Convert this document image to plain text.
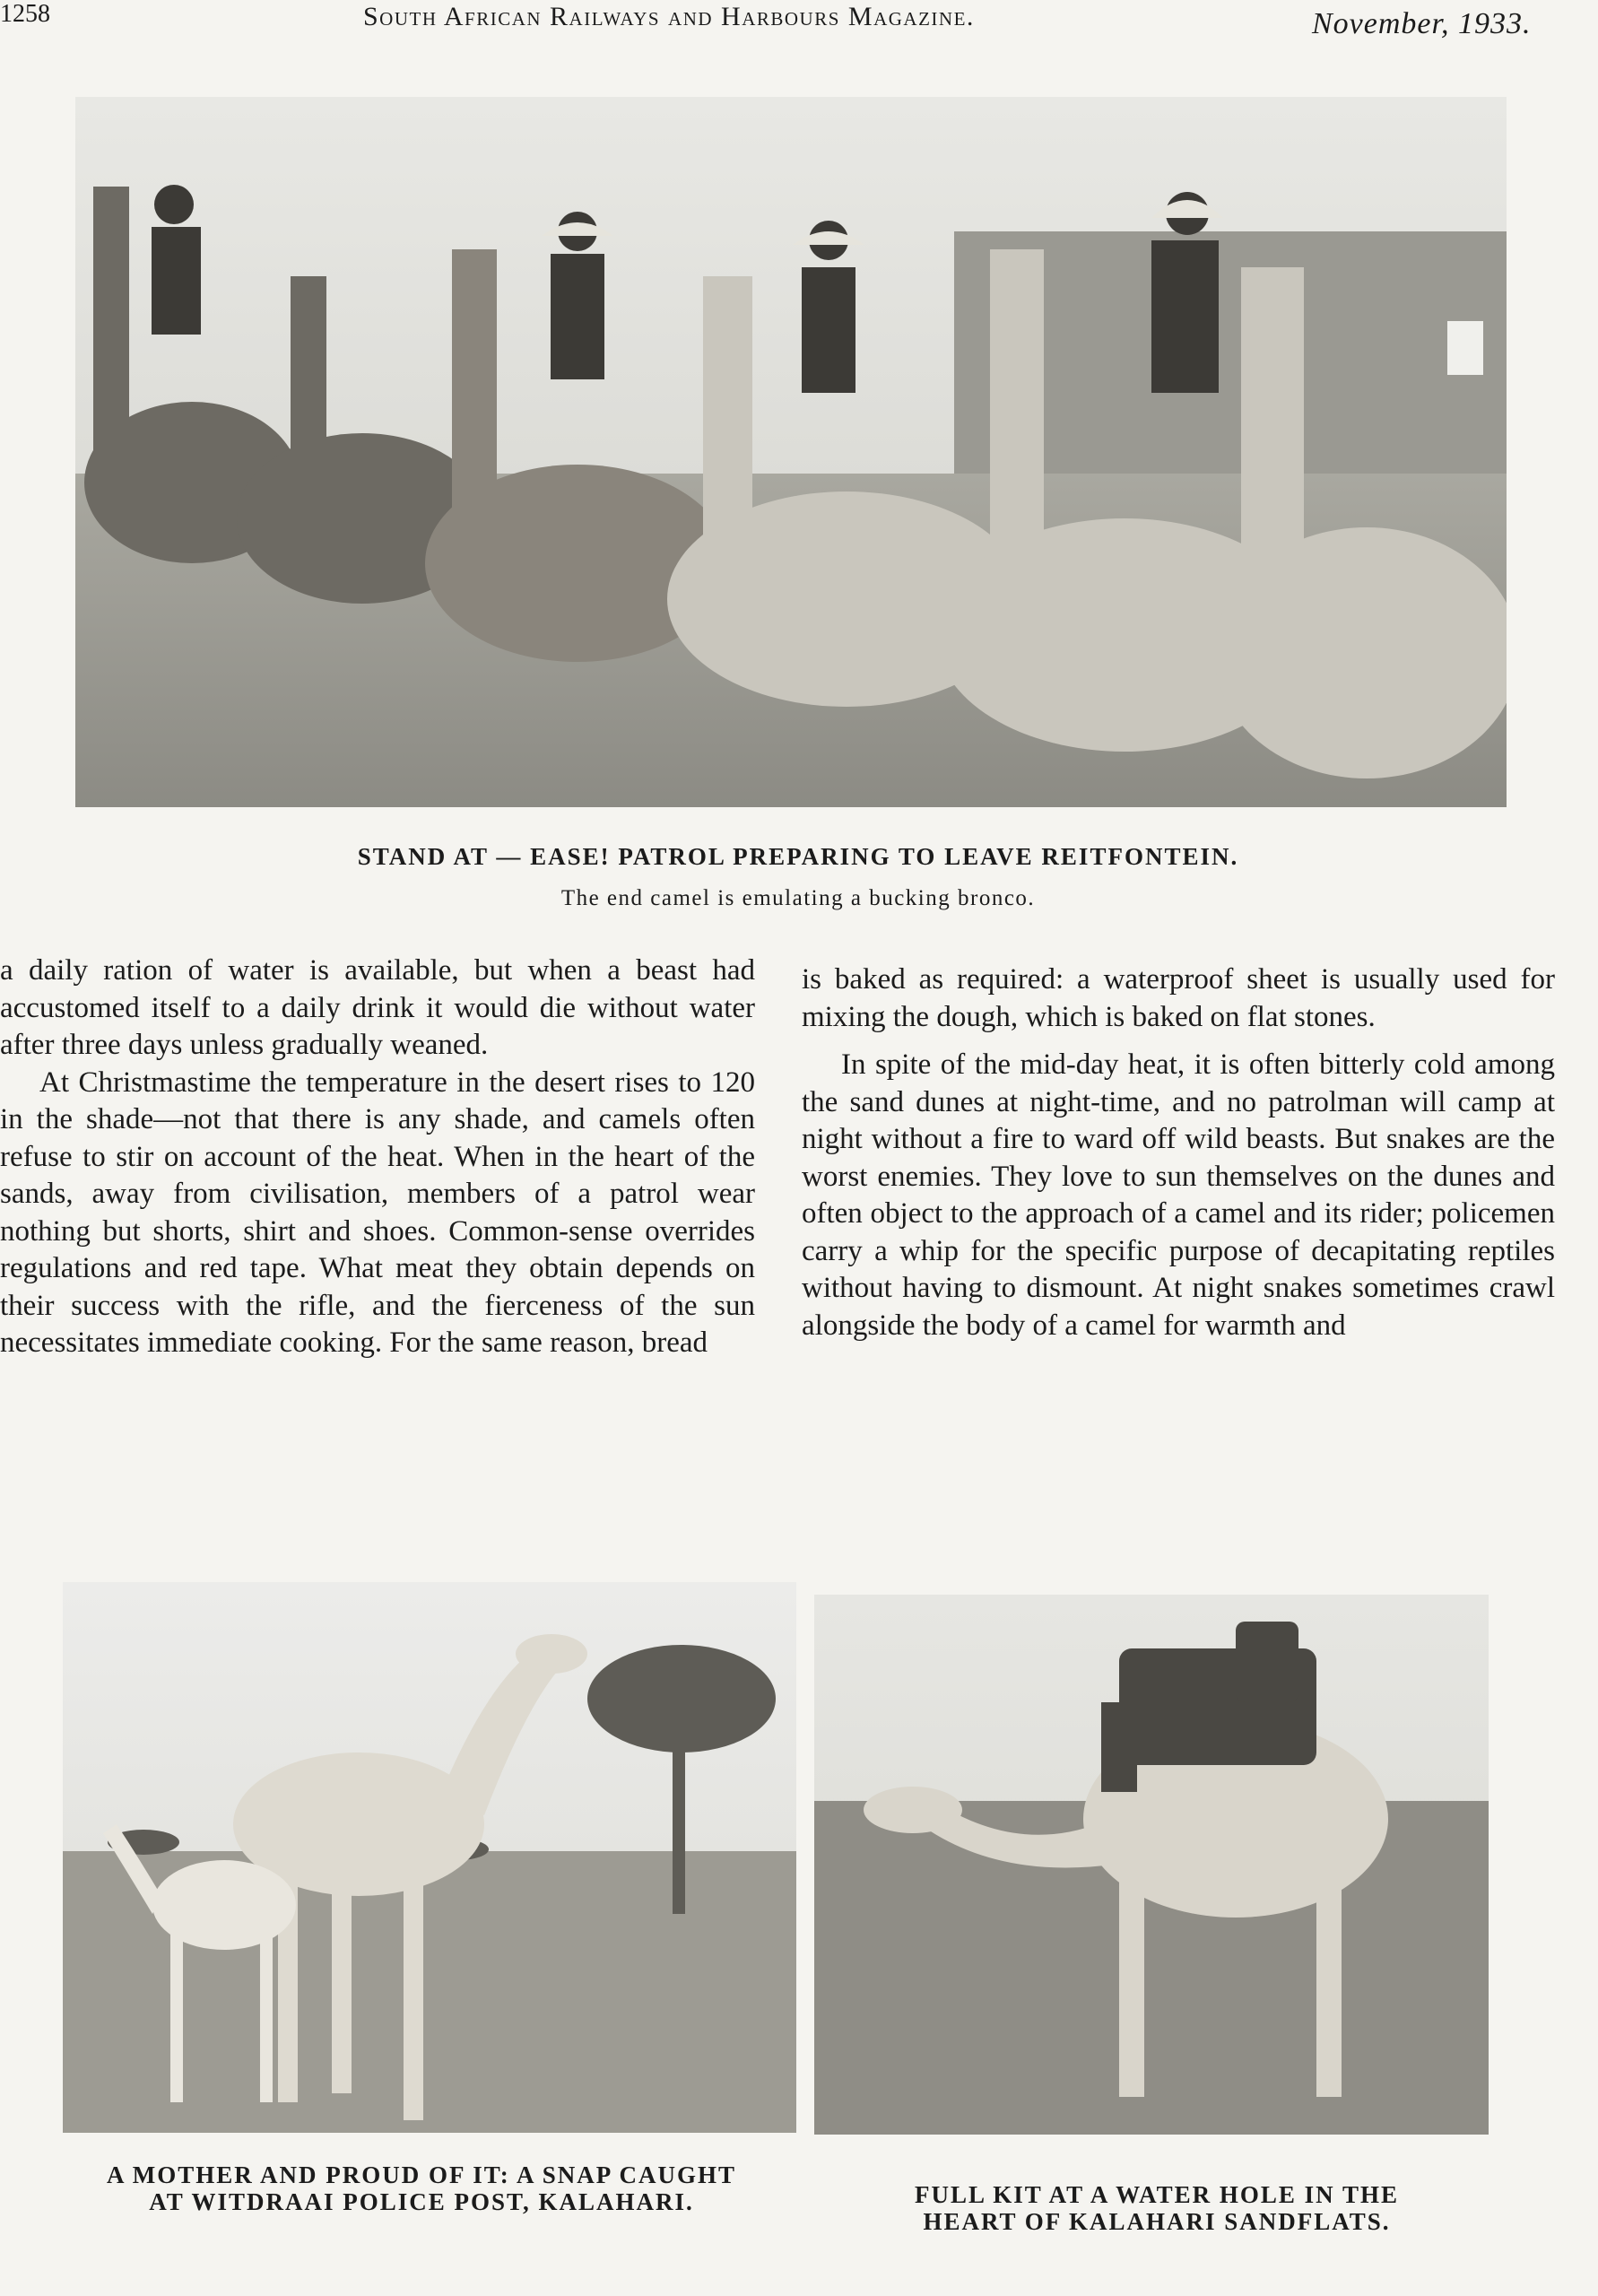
1258	South African Railways and Harbours Magazine.	November, 1933.
STAND AT — EASE! PATROL PREPARING TO LEAVE REITFONTEIN.
The end camel is emulating a bucking bronco.

a daily ration of water is available, but when a beast had accustomed itself to a daily drink it would die without water after three days unless gradually weaned.

At Christmastime the temperature in the desert rises to 120 in the shade—not that there is any shade, and camels often refuse to stir on account of the heat. When in the heart of the sands, away from civilisation, members of a patrol wear nothing but shorts, shirt and shoes. Common-sense overrides regulations and red tape. What meat they obtain depends on their success with the rifle, and the fierceness of the sun necessitates immediate cooking. For the same reason, bread

is baked as required: a waterproof sheet is usually used for mixing the dough, which is baked on flat stones.

In spite of the mid-day heat, it is often bitterly cold among the sand dunes at night-time, and no patrolman will camp at night without a fire to ward off wild beasts. But snakes are the worst enemies. They love to sun themselves on the dunes and often object to the approach of a camel and its rider; policemen carry a whip for the specific purpose of decapitating reptiles without having to dismount. At night snakes sometimes crawl alongside the body of a camel for warmth and

A MOTHER AND PROUD OF IT: A SNAP CAUGHT
AT WITDRAAI POLICE POST, KALAHARI.	FULL KIT AT A WATER HOLE IN THE
HEART OF KALAHARI SANDFLATS.
